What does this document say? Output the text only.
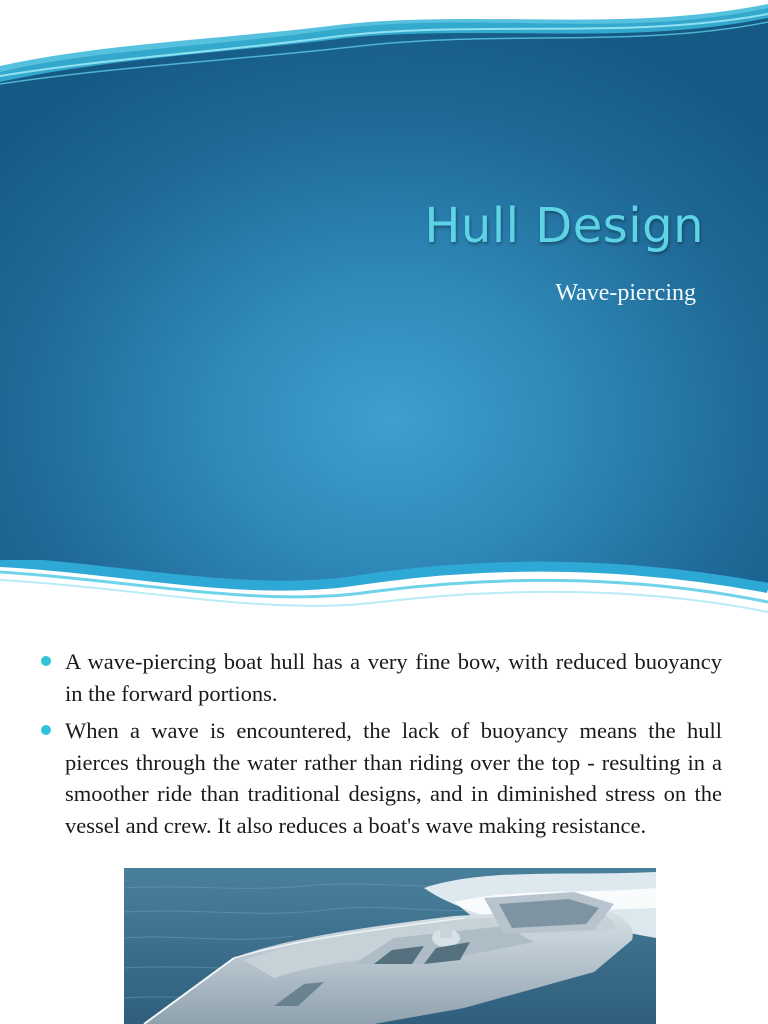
Hull Design

Wave-piercing

A wave-piercing boat hull has a very fine bow, with reduced buoyancy in the forward portions.
When a wave is encountered, the lack of buoyancy means the hull pierces through the water rather than riding over the top - resulting in a smoother ride than traditional designs, and in diminished stress on the vessel and crew. It also reduces a boat's wave making resistance.
